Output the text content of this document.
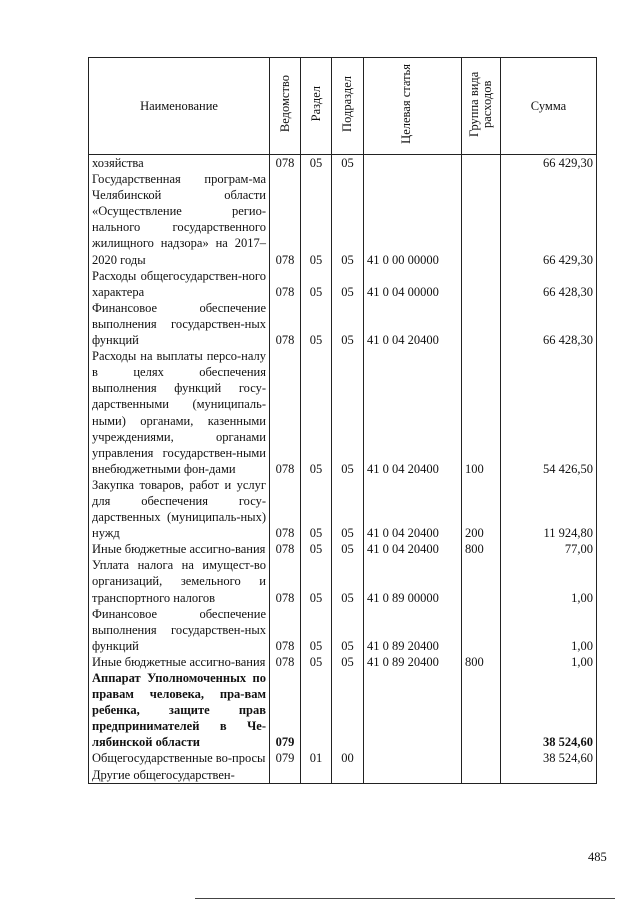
Наименование	Ведомство	Раздел	Подраздел	Целевая статья	Группа вида расходов	Сумма
хозяйства	078	05	05			66 429,30
Государственная програм-ма Челябинской области «Осуществление регио-нального государственного жилищного надзора» на 2017–2020 годы	078	05	05	41 0 00 00000		66 429,30
Расходы общегосударствен-ного характера	078	05	05	41 0 04 00000		66 428,30
Финансовое обеспечение выполнения государствен-ных функций	078	05	05	41 0 04 20400		66 428,30
Расходы на выплаты персо-налу в целях обеспечения выполнения функций госу-дарственными (муниципаль-ными) органами, казенными учреждениями, органами управления государствен-ными внебюджетными фон-дами	078	05	05	41 0 04 20400	100	54 426,50
Закупка товаров, работ и услуг для обеспечения госу-дарственных (муниципаль-ных) нужд	078	05	05	41 0 04 20400	200	11 924,80
Иные бюджетные ассигно-вания	078	05	05	41 0 04 20400	800	77,00
Уплата налога на имущест-во организаций, земельного и транспортного налогов	078	05	05	41 0 89 00000		1,00
Финансовое обеспечение выполнения государствен-ных функций	078	05	05	41 0 89 20400		1,00
Иные бюджетные ассигно-вания	078	05	05	41 0 89 20400	800	1,00
Аппарат Уполномоченных по правам человека, пра-вам ребенка, защите прав предпринимателей в Че-лябинской области	079					38 524,60
Общегосударственные во-просы	079	01	00			38 524,60
Другие общегосударствен-						
485
